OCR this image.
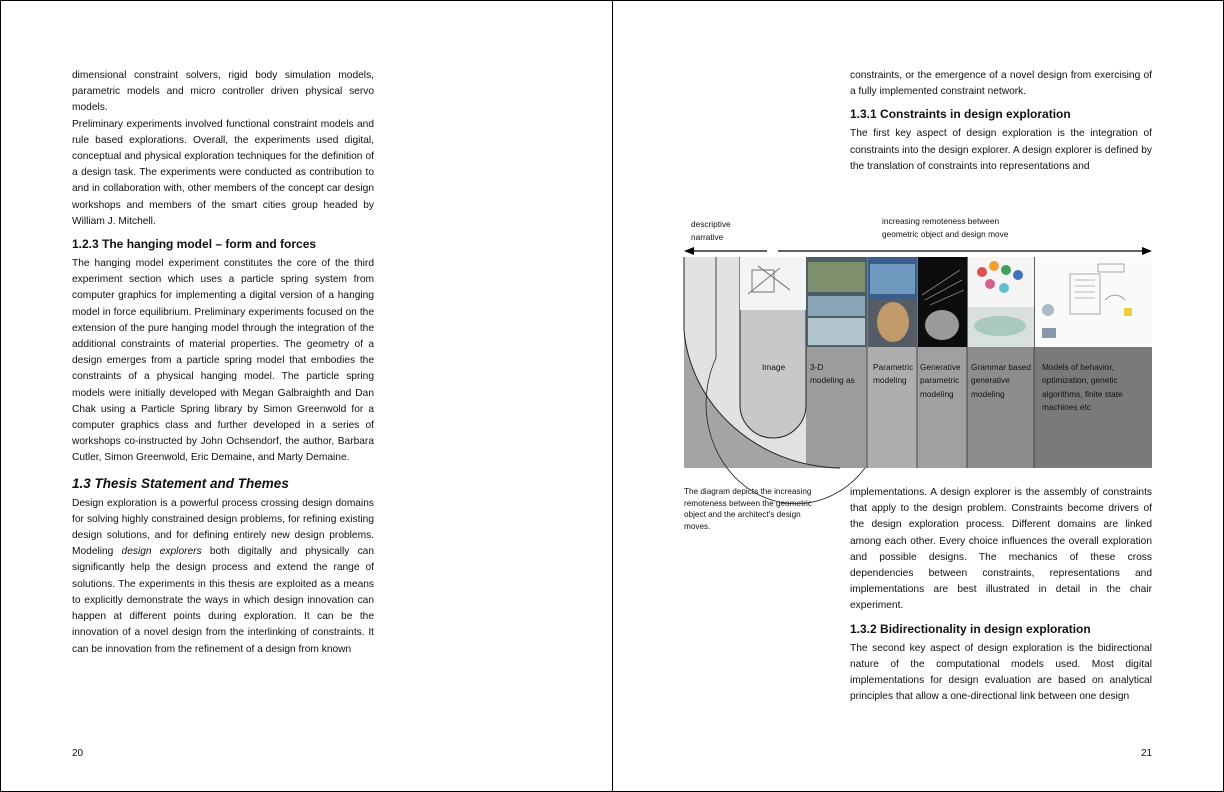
dimensional constraint solvers, rigid body simulation models, parametric models and micro controller driven physical servo models.

Preliminary experiments involved functional constraint models and rule based explorations. Overall, the experiments used digital, conceptual and physical exploration techniques for the definition of a design task. The experiments were conducted as contribution to and in collaboration with, other members of the concept car design workshops and members of the smart cities group headed by William J. Mitchell.

1.2.3 The hanging model – form and forces

The hanging model experiment constitutes the core of the third experiment section which uses a particle spring system from computer graphics for implementing a digital version of a hanging model in force equilibrium. Preliminary experiments focused on the extension of the pure hanging model through the integration of the additional constraints of material properties. The geometry of a design emerges from a particle spring model that embodies the constraints of a physical hanging model. The particle spring models were initially developed with Megan Galbraighth and Dan Chak using a Particle Spring library by Simon Greenwold for a computer graphics class and further developed in a series of workshops co-instructed by John Ochsendorf, the author, Barbara Cutler, Simon Greenwold, Eric Demaine, and Marty Demaine.

1.3 Thesis Statement and Themes

Design exploration is a powerful process crossing design domains for solving highly constrained design problems, for refining existing design solutions, and for defining entirely new design problems. Modeling design explorers both digitally and physically can significantly help the design process and extend the range of solutions. The experiments in this thesis are exploited as a means to explicitly demonstrate the ways in which design innovation can happen at different points during exploration. It can be the innovation of a novel design from the interlinking of constraints. It can be innovation from the refinement of a design from known

20

constraints, or the emergence of a novel design from exercising of a fully implemented constraint network.

1.3.1 Constraints in design exploration

The first key aspect of design exploration is the integration of constraints into the design explorer. A design explorer is defined by the translation of constraints into representations and

descriptive
narrative
increasing remoteness between
geometric object and design move
Image	3-D
modeling as
Parametric
modeling
Generative
parametric
modeling
Grammar based
generative
modeling
Models of behavior,
optimization, genetic
algorithms, finite state
machines etc
The diagram depicts the increasing remoteness between the geometric object and the architect's design moves.

implementations. A design explorer is the assembly of constraints that apply to the design problem. Constraints become drivers of the design exploration process. Different domains are linked among each other. Every choice influences the overall exploration and possible designs. The mechanics of these cross dependencies between constraints, representations and implementations are best illustrated in detail in the chair experiment.

1.3.2 Bidirectionality in design exploration

The second key aspect of design exploration is the bidirectional nature of the computational models used. Most digital implementations for design evaluation are based on analytical principles that allow a one-directional link between one design

21
